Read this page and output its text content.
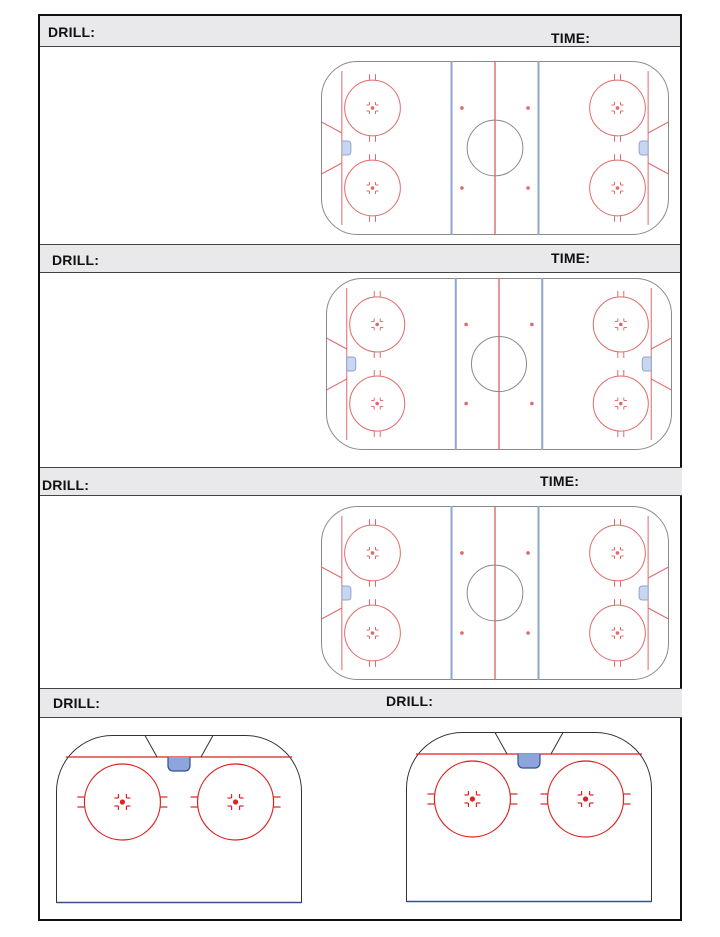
DRILL:	TIME:
DRILL:	TIME:
DRILL:	TIME:
DRILL:	DRILL:
